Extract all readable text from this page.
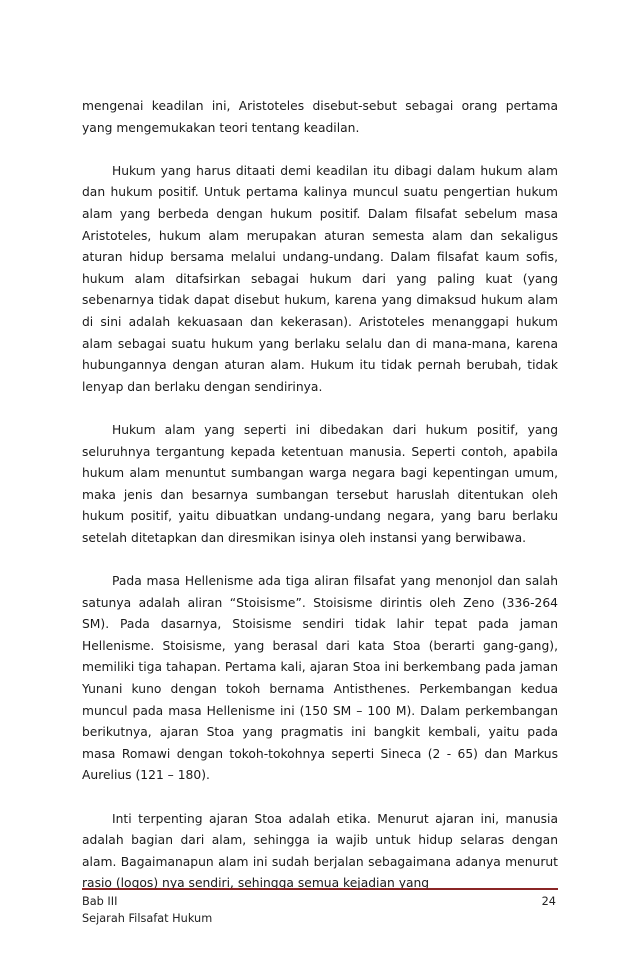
mengenai keadilan ini, Aristoteles disebut-sebut sebagai orang pertama yang mengemukakan teori tentang keadilan.

Hukum yang harus ditaati demi keadilan itu dibagi dalam hukum alam dan hukum positif. Untuk pertama kalinya muncul suatu pengertian hukum alam yang berbeda dengan hukum positif. Dalam filsafat sebelum masa Aristoteles, hukum alam merupakan aturan semesta alam dan sekaligus aturan hidup bersama melalui undang-undang. Dalam filsafat kaum sofis, hukum alam ditafsirkan sebagai hukum dari yang paling kuat (yang sebenarnya tidak dapat disebut hukum, karena yang dimaksud hukum alam di sini adalah kekuasaan dan kekerasan). Aristoteles menanggapi hukum alam sebagai suatu hukum yang berlaku selalu dan di mana-mana, karena hubungannya dengan aturan alam. Hukum itu tidak pernah berubah, tidak lenyap dan berlaku dengan sendirinya.

Hukum alam yang seperti ini dibedakan dari hukum positif, yang seluruhnya tergantung kepada ketentuan manusia. Seperti contoh, apabila hukum alam menuntut sumbangan warga negara bagi kepentingan umum, maka jenis dan besarnya sumbangan tersebut haruslah ditentukan oleh hukum positif, yaitu dibuatkan undang-undang negara, yang baru berlaku setelah ditetapkan dan diresmikan isinya oleh instansi yang berwibawa.

Pada masa Hellenisme ada tiga aliran filsafat yang menonjol dan salah satunya adalah aliran “Stoisisme”. Stoisisme dirintis oleh Zeno (336-264 SM). Pada dasarnya, Stoisisme sendiri tidak lahir tepat pada jaman Hellenisme. Stoisisme, yang berasal dari kata Stoa (berarti gang-gang), memiliki tiga tahapan. Pertama kali, ajaran Stoa ini berkembang pada jaman Yunani kuno dengan tokoh bernama Antisthenes. Perkembangan kedua muncul pada masa Hellenisme ini (150 SM – 100 M). Dalam perkembangan berikutnya, ajaran Stoa yang pragmatis ini bangkit kembali, yaitu pada masa Romawi dengan tokoh-tokohnya seperti Sineca (2 - 65) dan Markus Aurelius (121 – 180).

Inti terpenting ajaran Stoa adalah etika. Menurut ajaran ini, manusia adalah bagian dari alam, sehingga ia wajib untuk hidup selaras dengan alam. Bagaimanapun alam ini sudah berjalan sebagaimana adanya menurut rasio (logos) nya sendiri, sehingga semua kejadian yang

Bab III
Sejarah Filsafat Hukum
24
